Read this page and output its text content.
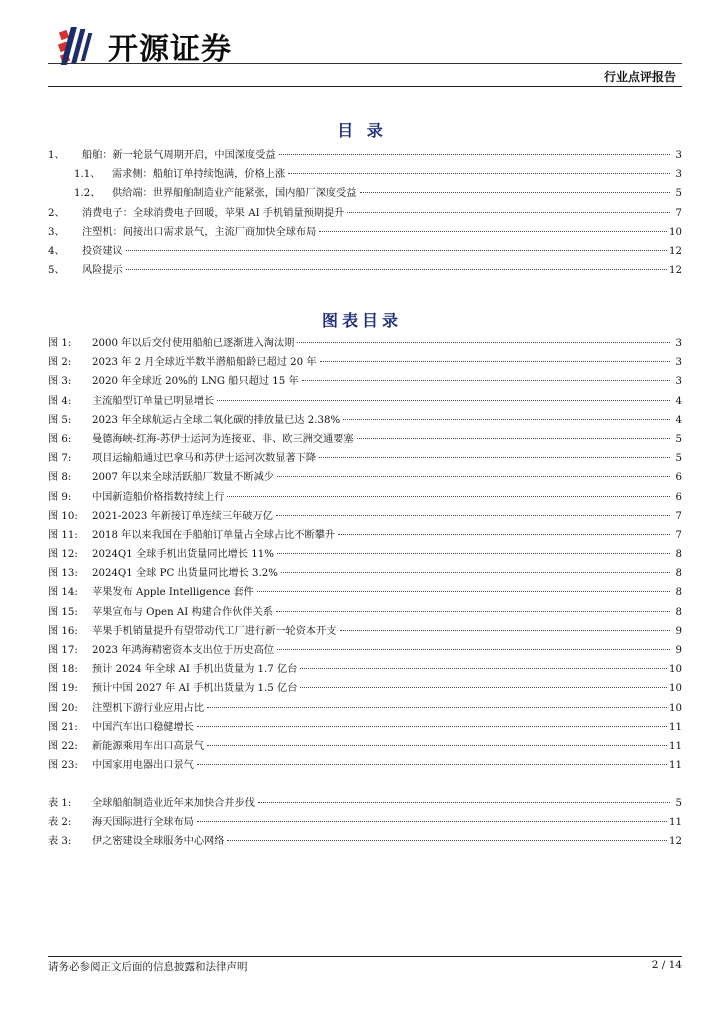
开源证券
行业点评报告
目 录
1、	船舶：新一轮景气周期开启，中国深度受益	3
1.1、	需求侧：船舶订单持续饱满，价格上涨	3
1.2、	供给端：世界船舶制造业产能紧张，国内船厂深度受益	5
2、	消费电子：全球消费电子回暖，苹果 AI 手机销量预期提升	7
3、	注塑机：间接出口需求景气，主流厂商加快全球布局	10
4、	投资建议	12
5、	风险提示	12
图表目录
图 1:	2000 年以后交付使用船舶已逐渐进入淘汰期	3
图 2:	2023 年 2 月全球近半数半潜船船龄已超过 20 年	3
图 3:	2020 年全球近 20%的 LNG 船只超过 15 年	3
图 4:	主流船型订单量已明显增长	4
图 5:	2023 年全球航运占全球二氧化碳的排放量已达 2.38%	4
图 6:	曼德海峡-红海-苏伊士运河为连接亚、非、欧三洲交通要塞	5
图 7:	项目运输船通过巴拿马和苏伊士运河次数显著下降	5
图 8:	2007 年以来全球活跃船厂数量不断减少	6
图 9:	中国新造船价格指数持续上行	6
图 10:	2021-2023 年新接订单连续三年破万亿	7
图 11:	2018 年以来我国在手船舶订单量占全球占比不断攀升	7
图 12:	2024Q1 全球手机出货量同比增长 11%	8
图 13:	2024Q1 全球 PC 出货量同比增长 3.2%	8
图 14:	苹果发布 Apple Intelligence 套件	8
图 15:	苹果宣布与 Open AI 构建合作伙伴关系	8
图 16:	苹果手机销量提升有望带动代工厂进行新一轮资本开支	9
图 17:	2023 年鸿海精密资本支出位于历史高位	9
图 18:	预计 2024 年全球 AI 手机出货量为 1.7 亿台	10
图 19:	预计中国 2027 年 AI 手机出货量为 1.5 亿台	10
图 20:	注塑机下游行业应用占比	10
图 21:	中国汽车出口稳健增长	11
图 22:	新能源乘用车出口高景气	11
图 23:	中国家用电器出口景气	11
表 1:	全球船舶制造业近年来加快合并步伐	5
表 2:	海天国际进行全球布局	11
表 3:	伊之密建设全球服务中心网络	12
请务必参阅正文后面的信息披露和法律声明	2 / 14
